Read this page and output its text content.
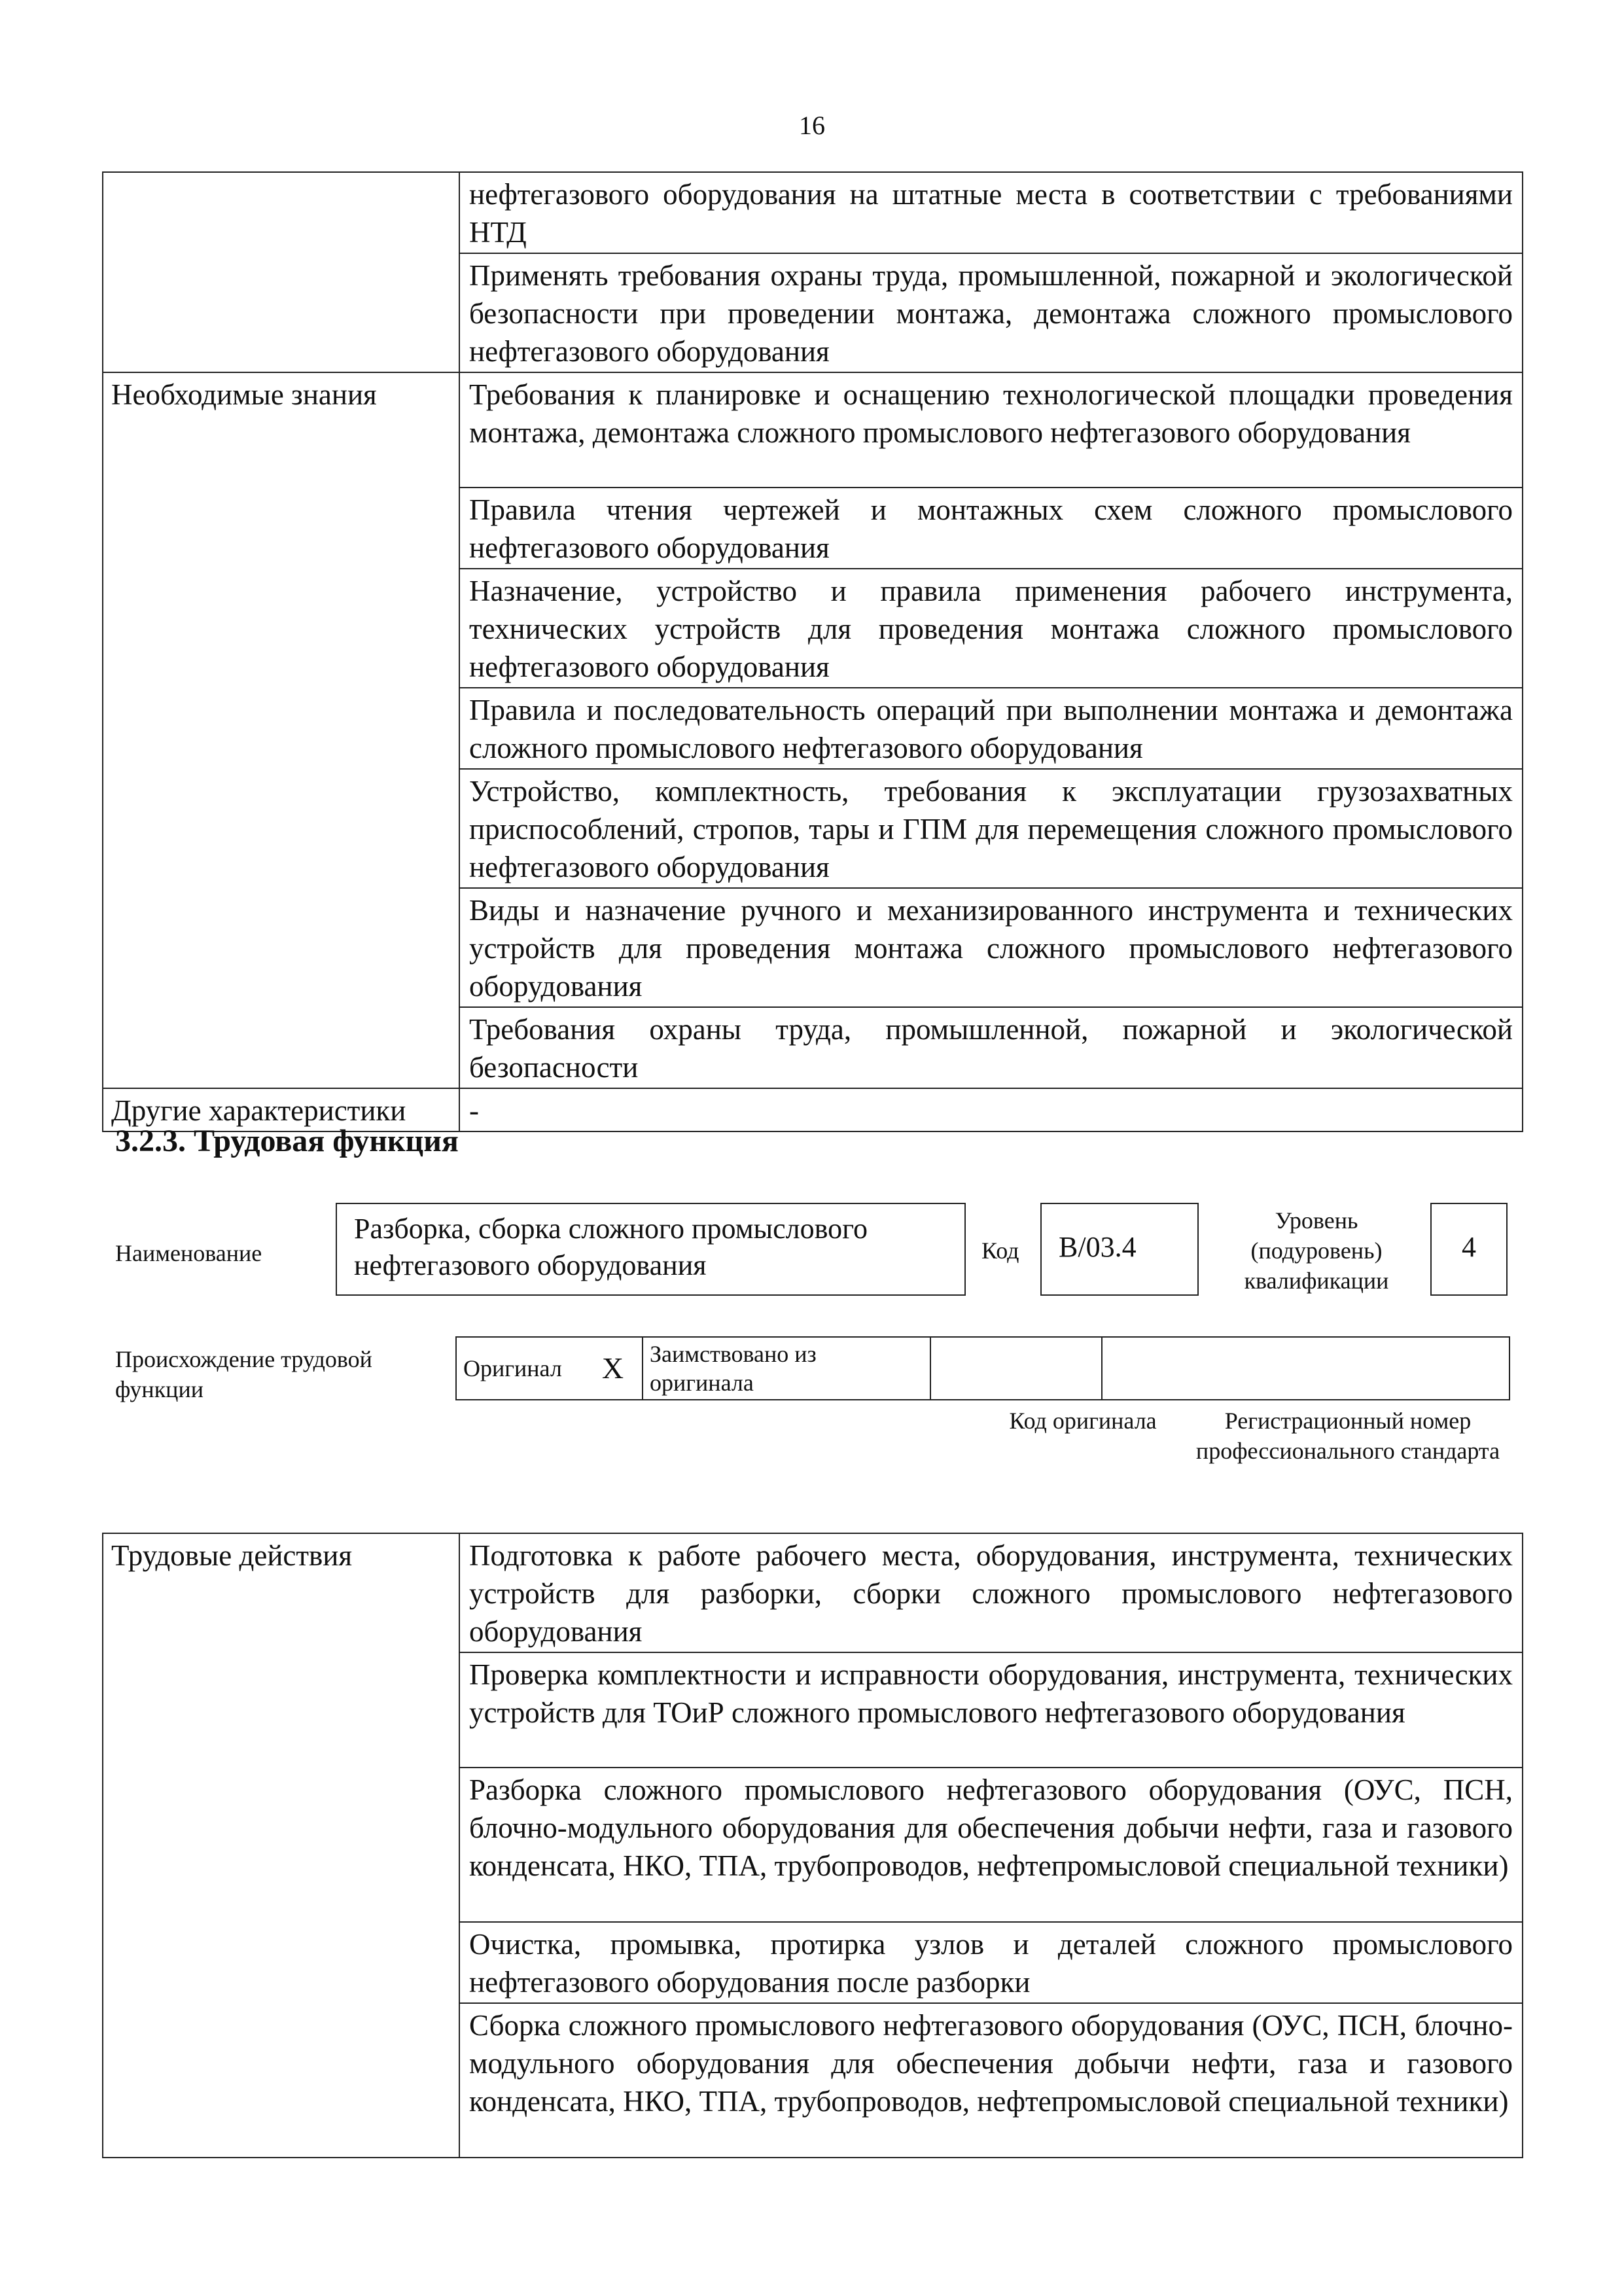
16
	нефтегазового оборудования на штатные места в соответствии с требованиями НТД
	Применять требования охраны труда, промышленной, пожарной и экологической безопасности при проведении монтажа, демонтажа сложного промыслового нефтегазового оборудования
Необходимые знания	Требования к планировке и оснащению технологической площадки проведения монтажа, демонтажа сложного промыслового нефтегазового оборудования
	Правила чтения чертежей и монтажных схем сложного промыслового нефтегазового оборудования
	Назначение, устройство и правила применения рабочего инструмента, технических устройств для проведения монтажа сложного промыслового нефтегазового оборудования
	Правила и последовательность операций при выполнении монтажа и демонтажа сложного промыслового нефтегазового оборудования
	Устройство, комплектность, требования к эксплуатации грузозахватных приспособлений, стропов, тары и ГПМ для перемещения сложного промыслового нефтегазового оборудования
	Виды и назначение ручного и механизированного инструмента и технических устройств для проведения монтажа сложного промыслового нефтегазового оборудования
	Требования охраны труда, промышленной, пожарной и экологической безопасности
Другие характеристики	-
3.2.3. Трудовая функция
Наименование
Разборка, сборка сложного промыслового нефтегазового оборудования	Код B/03.4
Уровень (подуровень) квалификации
4
Происхождение трудовой функции
Оригинал	X	Заимствовано из оригинала		
Код оригинала	Регистрационный номер профессионального стандарта
Трудовые действия	Подготовка к работе рабочего места, оборудования, инструмента, технических устройств для разборки, сборки сложного промыслового нефтегазового оборудования
Проверка комплектности и исправности оборудования, инструмента, технических устройств для ТОиР сложного промыслового нефтегазового оборудования
Разборка сложного промыслового нефтегазового оборудования (ОУС, ПСН, блочно-модульного оборудования для обеспечения добычи нефти, газа и газового конденсата, НКО, ТПА, трубопроводов, нефтепромысловой специальной техники)
Очистка, промывка, протирка узлов и деталей сложного промыслового нефтегазового оборудования после разборки
Сборка сложного промыслового нефтегазового оборудования (ОУС, ПСН, блочно-модульного оборудования для обеспечения добычи нефти, газа и газового конденсата, НКО, ТПА, трубопроводов, нефтепромысловой специальной техники)
